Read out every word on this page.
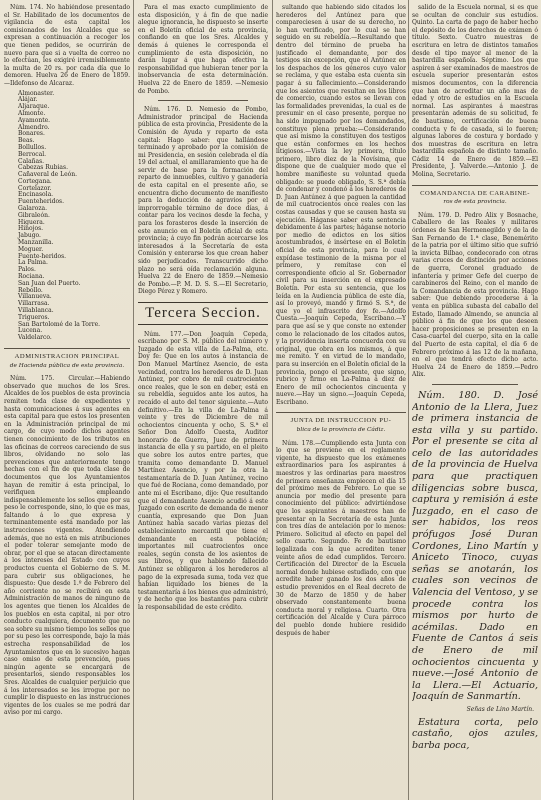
Núm. 174. No habiéndose presentado el Sr. Habilitado de los documentos de vigilancia de esta capital los comisionados de los Alcaldes que se expresan a continuación a recoger los que tienen pedidos, se ocurrirán de nuevo para que si a vuelta de correo no lo efectúan, les exigiré irremisiblemente la multa de 20 rs. por cada día que lo demoren. Huelva 26 de Enero de 1859. —Ildefonso de Alcaraz.

Almonaster.
Alájar.
Aljaraque.
Almonte.
Ayamonte.
Almendro.
Bonares.
Beas.
Bollullos.
Berrocal.
Calañas.
Cabezas Rubias.
Cañaveral de León.
Cortegana.
Cortelazor.
Encinasola.
Fuenteheridos.
Galaroza.
Gibraleón.
Higuera.
Hinojos.
Jabugo.
Manzanilla.
Moguer.
Fuente-heridos.
La Palma.
Palos.
Rociana.
San Juan del Puerto.
Rebollo.
Villanueva.
Villarrasa.
Villablanca.
Trigueros.
San Bartolomé de la Torre.
Lucena.
Valdelarco.
ADMINISTRACION PRINCIPAL
de Hacienda pública de esta provincia.

Núm. 175. Circular.—Habiendo observado que muchos de los Sres. Alcaldes de los pueblos de esta provincia remiten toda clase de expedientes y hasta comunicaciones á sus agentes en esta capital para que estos los presenten en la Administración principal de mi cargo, de cuyo modo dichos agentes tienen conocimiento de los tributos en las oficinas de correos careciendo de sus libros, olvidando no solo las prevenciones que anteriormente tengo hechas con el fin de que toda clase de documentos que los Ayuntamientos hayan de remitir á esta principal, lo verifiquen empleando indispensablemente los sellos que por su peso le corresponde, sino, lo que es mas, faltando á lo que expresa y terminantemente está mandado por las instrucciones vigentes. Atendiendo además, que no está en mis atribuciones el poder tolerar semejante modo de obrar, por el que se atacan directamente á los intereses del Estado con cuyos productos cuenta el Gobierno de S. M. para cubrir sus obligaciones, he dispuesto: Que desde 1.º de Febrero del año corriente no se recibirá en esta Administración de manos de ninguno de los agentes que tienen los Alcaldes de los pueblos en esta capital, ni por otro conducto cualquiera, documento que no sea sobre su mismo tiempo los sellos que por su peso les corresponde, bajo la más estrecha responsabilidad de los Ayuntamientos que en lo sucesivo hagan caso omiso de esta prevención, pues ningún agente se encargará de presentarlos, siendo responsables los Sres. Alcaldes de cualquier perjuicio que á los interesados se les irrogue por no cumplir lo dispuesto en las instrucciones vigentes de los cuales se me podrá dar aviso por mi cargo.

Para el mas exacto cumplimiento de esta disposición, y á fin de que nadie alegue ignorancia, he dispuesto se inserte en el Boletín oficial de esta provincia, confiando en que los Sres. Alcaldes y demás á quienes le corresponda el cumplimiento de esta disposición, no darán lugar á que haga efectiva la responsabilidad que hubieran tener por la inobservancia de esta determinación. Huelva 22 de Enero de 1859. —Nemesio de Pombo.

Núm. 176. D. Nemesio de Pombo, Administrador principal de Hacienda pública de esta provincia, Presidente de la Comisión de Ayuda y reparto de esta capital: Hago saber: que hallándose terminado y aprobado por la comisión de mi Presidencia, en sesión celebrada el día 19 del actual, el amillaramiento que ha de servir de base para la formación del reparto de inmuebles, cultivo y ganadería de esta capital en el presente año, se encuentra dicho documento de manifiesto para la deducción de agravios por el improrrogable término de doce días, á contar para los vecinos desde la fecha, y para los forasteros desde la inserción de este anuncio en el Boletín oficial de esta provincia; á cuyo fin podrán acercarse los interesados á la Secretaría de esta Comisión y enterarse los que crean haber sido perjudicados. Transcurrido dicho plazo no será oída reclamación alguna. Huelva 22 de Enero de 1859.—Nemesio de Pombo.—P. M. D. S. S.—El Secretario, Diego Pérez y Romero.

Tercera Seccion.

Núm. 177.—Don Joaquín Cepeda, escribano por S. M. público del número y Juzgado de esta villa de La-Palma, etc. Doy fe: Que en los autos á instancia de Don Manuel Martínez Asencio, de esta vecindad, contra los herederos de D. Juan Antúnez, por cobro de mil cuatrocientos once reales, que le son en deber, está en su rebeldía, seguidos ante los autos, ha recaído el auto del tenor siguiente.—Auto definitivo.—En la villa de La-Palma á veinte y tres de Diciembre de mil ochocientos cincuenta y ocho, S. S.ª el Señor Don Adolfo Cuesta, Auditor honorario de Guerra, Juez de primera instancia de ella y su partido, en el pleito que sobre los autos entre partes, que tramita como demandante D. Manuel Martínez Asencio, y por la otra la testamentaría de D. Juan Antúnez, vecino que fué de Rociana, como demandado, por ante mi el Escribano, dijo: Que resultando que el demandante Asencio acudió á este Juzgado con escrito de demanda de menor cuantía, expresando que Don Juan Antúnez había sacado varias piezas del establecimiento mercantil que tiene el demandante en esta población; importantes mil cuatrocientos once reales, según consta de los asientos de sus libros, y que habiendo fallecido Antúnez se obligaron á los herederos al pago de la expresada suma, toda vez que habían liquidado los bienes de la testamentaría á los bienes que administró, y de hecho que los bastantes para cubrir la responsabilidad de este crédito.

sultando que habiendo sido citados los herederos del Antúnez para que compareciesen á usar de su derecho, no lo han verificado, por lo cual se han seguido en su rebeldía.—Resultando que dentro del término de prueba ha justificado el demandante, por dos testigos sin excepción, que el Antúnez en los despachos de los géneros cuyo valor se reclama, y que estaba esta cuenta sin pagar á su fallecimiento.—Considerando que los asientos que resultan en los libros de comercio, cuando estos se llevan con las formalidades prevenidas, la cual es de presumir en el caso presente, porque no ha sido impugnado por los demandados, constituye plena prueba:—Considerando que así mismo la constituyen dos testigos que están conformes en los hechos litigiosos.—Vista la ley primera, título primero, libro diez de la Novísima, que dispone que de cualquier modo que el hombre manifieste su voluntad queda obligado: se puede obligado, S. S.ª debía de condenar y condenó á los herederos de D. Juan Antúnez á que paguen la cantidad de mil cuatrocientos once reales con las costas causadas y que se causen hasta su ejecución. Háganse saber esta sentencia debidamente á las partes; háganse notorio por medio de edictos en los sitios acostumbrados, é insértese en el Boletín oficial de esta provincia, para lo cual expídase testimonio de la misma por el primero, y remítase con el correspondiente oficio al Sr. Gobernador civil para su inserción en el expresado Boletín. Por esta su sentencia, que los leída en la Audiencia pública de este día, así lo proveyó, mandó y firmó S. S.ª, de que yo el infrascrito doy fe.—Adolfo Cuesta.—Joaquín Cepeda, Escribano.—Y para que así se y que conste no extender como le relacionado de los citados autos, y la providencia inserta concuerda con su original, que obra en los mismos, á que me remito. Y en virtud de lo mandado, para su inserción en el Boletín oficial de la provincia, pongo el presente, que signo, rubrico y firmo en La-Palma á diez de Enero de mil ochocientos cincuenta y nueve.—Hay un signo.—Joaquín Cepeda, Escribano.

JUNTA DE INSTRUCCION PU-
blica de la provincia de Cádiz.

Núm. 178.—Cumpliendo esta Junta con lo que se previene en el reglamento vigente, ha dispuesto que los exámenes extraordinarios para los aspirantes á maestros y las ordinarias para maestros de primera enseñanza empiecen el día 15 del próximo mes de Febrero. Lo que se anuncia por medio del presente para conocimiento del público: advirtiéndose que los aspirantes á maestros han de presentar en la Secretaría de esta Junta con tres días de antelación por lo menos: Primero. Solicitud al efecto en papel del sello cuarto. Segundo. Fe de bautismo legalizada con la que acrediten tener veinte años de edad cumplidos. Tercero. Certificación del Director de la Escuela normal donde hubiese estudiado, con que acredite haber ganado los dos años de estudio prevenidos en el Real decreto de 30 de Marzo de 1850 y de haber observado constantemente buena conducta moral y religiosa. Cuarto. Otra certificación del Alcalde y Cura párroco del pueblo donde hubiere residido después de haber

salido de la Escuela normal, si es que se ocultan de concluir sus estudios. Quinto. La carta de pago de haber hecho el depósito de los derechos de exámen ó título. Sexto. Cuatro muestras de escritura en letra de distintos tamaños desde el tipo mayor al menor de la bastardilla española. Séptimo. Los que aspiren á ser examinados de maestros de escuela superior presentarán estos mismos documentos, con la diferencia que han de acreditar un año mas de edad y otro de estudios en la Escuela normal. Las aspirantes á maestras presentarán además de su solicitud, fe de bautismo, certificación de buena conducta y fe de casada, si lo fueren; algunas labores de costura y bordado y dos muestras de escritura en letra bastardilla española de distinto tamaño. Cádiz 14 de Enero de 1859.—El Presidente, J. Valverde.—Antonio J. de Molina, Secretario.

COMANDANCIA DE CARABINE-
ros de esta provincia.

Núm. 179. D. Pedro Alix y Bosnache, Caballero de las Reales y militares órdenes de San Hermenegildo y de la de San Fernando de 1.ª clase, Benemérito de la patria por el último sitio que sufrió la invicta Bilbao, condecorado con otras varias cruces de distinción por acciones de guerra, Coronel graduado de infantería y primer Gefe del cuerpo de carabineros del Reino, con el mando de la Comandancia de esta provincia. Hago saber: Que debiendo procederse á la venta en pública subasta del caballo del Estado, llamado Almendo, se anuncia al público á fin de que los que deseen hacer proposiciones se presenten en la Casa-cuartel del cuerpo, sita en la calle del Puerto de esta capital, el día 6 de Febrero próximo á las 12 de la mañana, en el que tendrá efecto dicho acto. Huelva 24 de Enero de 1859.—Pedro Alix.

Núm. 180. D. José Antonio de la Llera, Juez de primera instancia de esta villa y su partido. Por el presente se cita al celo de las autoridades de la provincia de Huelva para que practiquen diligencias sobre busca, captura y remisión á este Juzgado, en el caso de ser habidos, los reos prófugos José Duran Cordones, Lino Martín y Aniceto Tinoco, cuyas señas se anotarán, los cuales son vecinos de Valencia del Ventoso, y se procede contra los mismos por hurto de acémilas. Dado en Fuente de Cantos á seis de Enero de mil ochocientos cincuenta y nueve.—José Antonio de la Llera.—El Actuario, Joaquín de Sanmartín.

Señas de Lino Martín.

Estatura corta, pelo castaño, ojos azules, barba poca,
